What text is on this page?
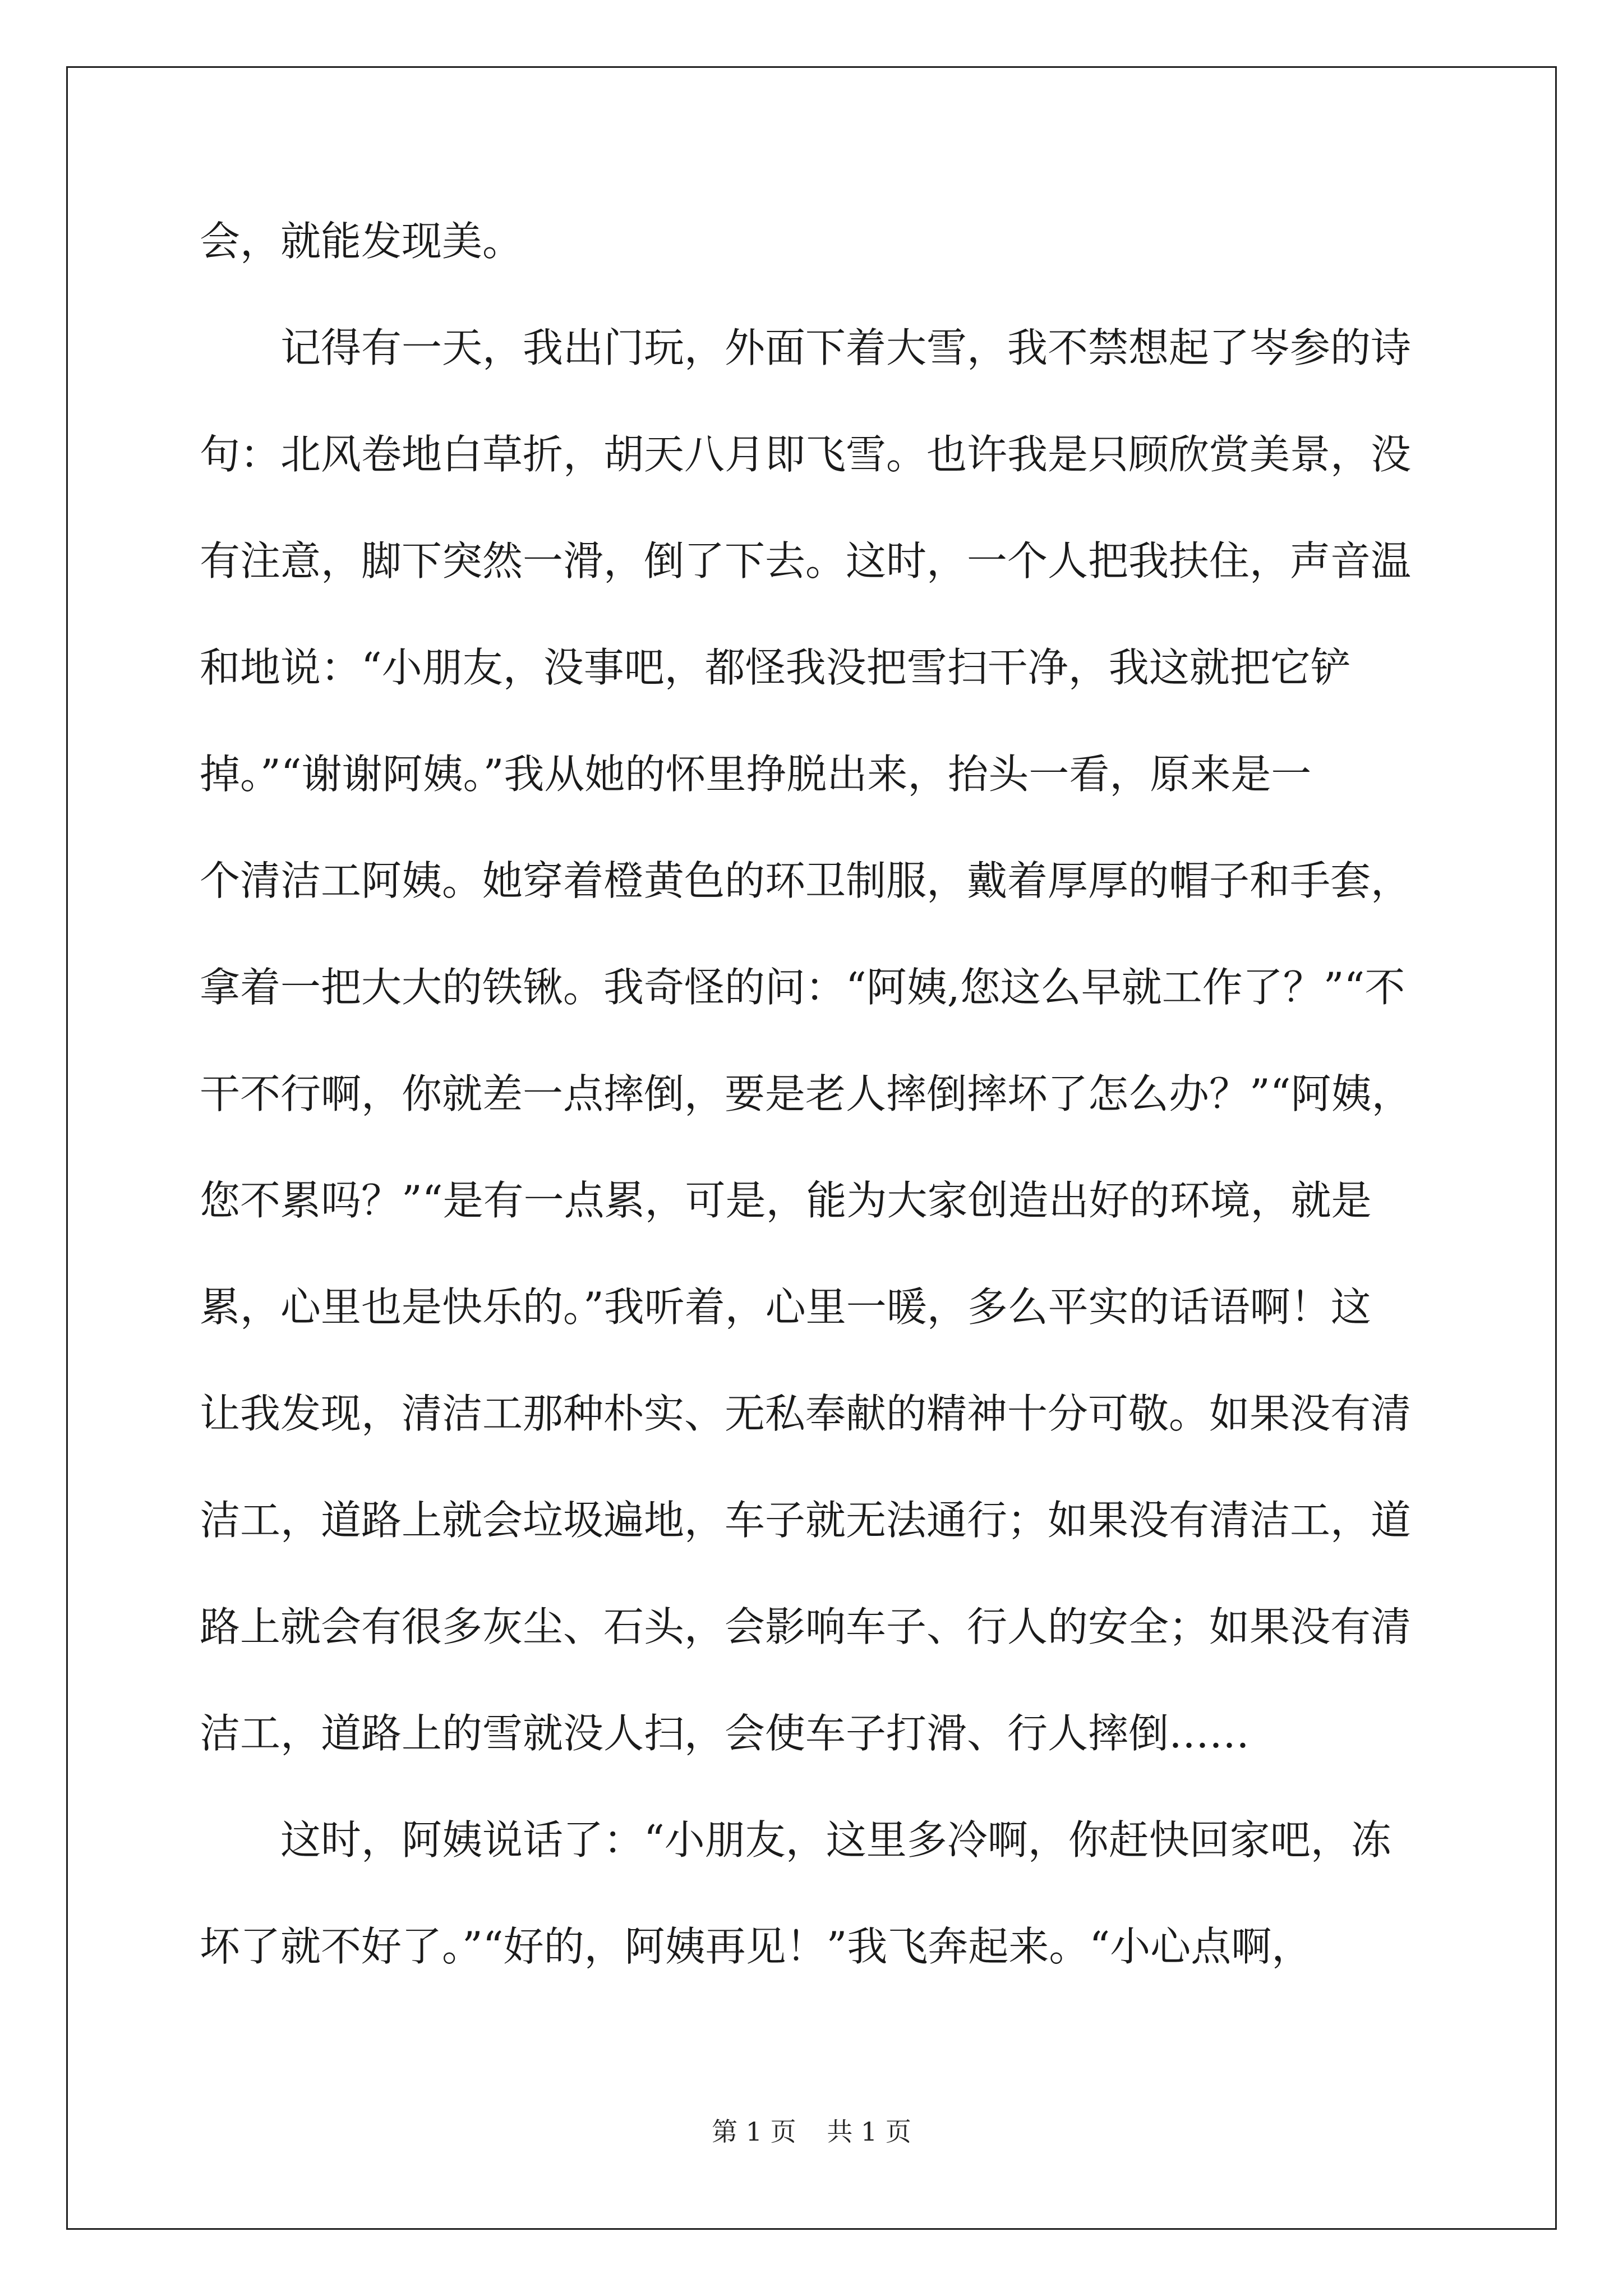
会，就能发现美。
记得有一天，我出门玩，外面下着大雪，我不禁想起了岑参的诗
句：北风卷地白草折，胡天八月即飞雪。也许我是只顾欣赏美景，没
有注意，脚下突然一滑，倒了下去。这时，一个人把我扶住，声音温
和地说：“小朋友，没事吧，都怪我没把雪扫干净，我这就把它铲
掉。”“谢谢阿姨。”我从她的怀里挣脱出来，抬头一看，原来是一
个清洁工阿姨。她穿着橙黄色的环卫制服，戴着厚厚的帽子和手套，
拿着一把大大的铁锹。我奇怪的问：“阿姨,您这么早就工作了？”“不
干不行啊，你就差一点摔倒，要是老人摔倒摔坏了怎么办？”“阿姨，
您不累吗？”“是有一点累，可是，能为大家创造出好的环境，就是
累，心里也是快乐的。”我听着，心里一暖，多么平实的话语啊！这
让我发现，清洁工那种朴实、无私奉献的精神十分可敬。如果没有清
洁工，道路上就会垃圾遍地，车子就无法通行；如果没有清洁工，道
路上就会有很多灰尘、石头，会影响车子、行人的安全；如果没有清
洁工，道路上的雪就没人扫，会使车子打滑、行人摔倒……
这时，阿姨说话了：“小朋友，这里多冷啊，你赶快回家吧，冻
坏了就不好了。”“好的，阿姨再见！”我飞奔起来。“小心点啊，
第 1 页 共 1 页
